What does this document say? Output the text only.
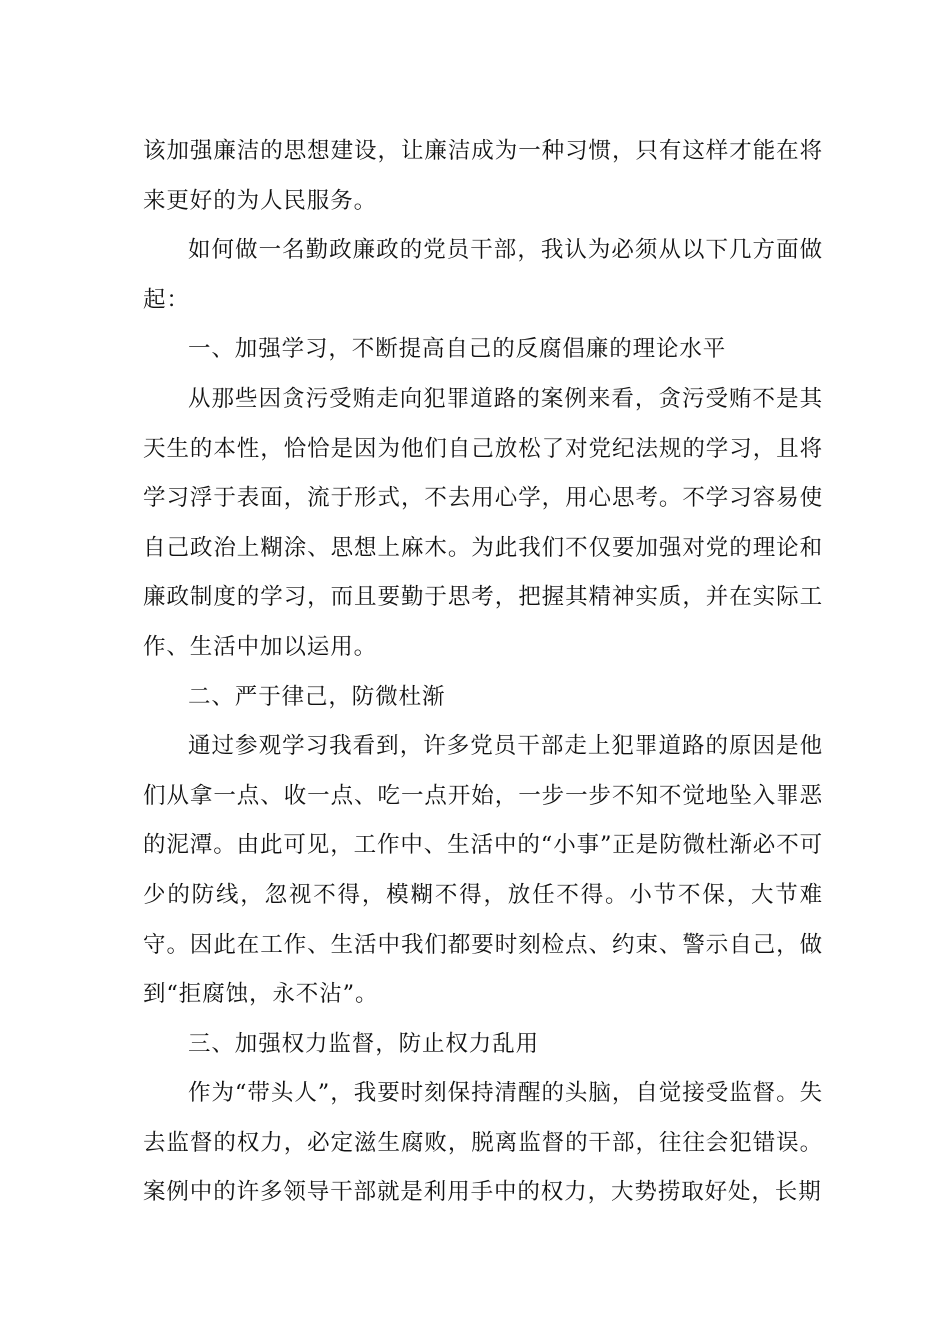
该加强廉洁的思想建设，让廉洁成为一种习惯，只有这样才能在将来更好的为人民服务。

如何做一名勤政廉政的党员干部，我认为必须从以下几方面做起：

一、加强学习，不断提高自己的反腐倡廉的理论水平

从那些因贪污受贿走向犯罪道路的案例来看，贪污受贿不是其天生的本性，恰恰是因为他们自己放松了对党纪法规的学习，且将学习浮于表面，流于形式，不去用心学，用心思考。不学习容易使自己政治上糊涂、思想上麻木。为此我们不仅要加强对党的理论和廉政制度的学习，而且要勤于思考，把握其精神实质，并在实际工作、生活中加以运用。

二、严于律己，防微杜渐

通过参观学习我看到，许多党员干部走上犯罪道路的原因是他们从拿一点、收一点、吃一点开始，一步一步不知不觉地坠入罪恶的泥潭。由此可见，工作中、生活中的“小事”正是防微杜渐必不可少的防线，忽视不得，模糊不得，放任不得。小节不保，大节难守。因此在工作、生活中我们都要时刻检点、约束、警示自己，做到“拒腐蚀，永不沾”。

三、加强权力监督，防止权力乱用

作为“带头人”，我要时刻保持清醒的头脑，自觉接受监督。失去监督的权力，必定滋生腐败，脱离监督的干部，往往会犯错误。案例中的许多领导干部就是利用手中的权力，大势捞取好处，长期
